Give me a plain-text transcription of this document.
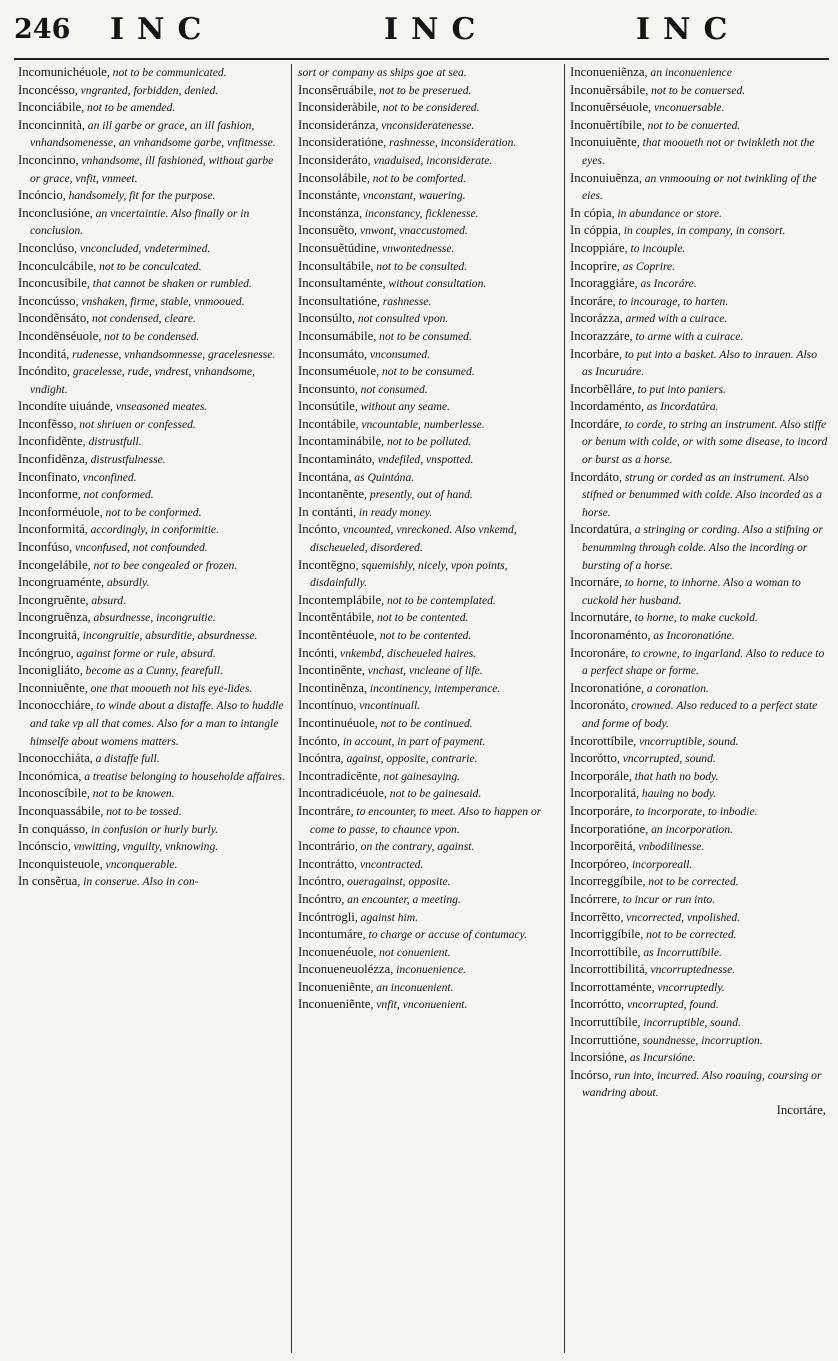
246 INC	INC	INC

Incomunichéuole, not to be communicated.

Inconcésso, vngranted, forbidden, denied.

Inconciábile, not to be amended.

Inconcinnità, an ill garbe or grace, an ill fashion, vnhandsomenesse, an vnhandsome garbe, vnfitnesse.

Inconcinno, vnhandsome, ill fashioned, without garbe or grace, vnfit, vnmeet.

Incóncio, handsomely, fit for the purpose.

Inconclusióne, an vncertaintie. Also finally or in conclusion.

Inconclúso, vnconcluded, vndetermined.

Inconculcábile, not to be conculcated.

Inconcusíbile, that cannot be shaken or rumbled.

Inconcússo, vnshaken, firme, stable, vnmooued.

Incondẽnsáto, not condensed, cleare.

Incondẽnséuole, not to be condensed.

Inconditá, rudenesse, vnhandsomnesse, gracelesnesse.

Incóndito, gracelesse, rude, vndrest, vnhandsome, vndight.

Incondíte uiuánde, vnseasoned meates.

Inconfẽsso, not shriuen or confessed.

Inconfidẽnte, distrustfull.

Inconfidẽnza, distrustfulnesse.

Inconfinato, vnconfined.

Inconforme, not conformed.

Inconforméuole, not to be conformed.

Inconformitá, accordingly, in conformitie.

Inconfúso, vnconfused, not confounded.

Incongelábile, not to bee congealed or frozen.

Incongruaménte, absurdly.

Incongruẽnte, absurd.

Incongruẽnza, absurdnesse, incongruitie.

Incongruitá, incongruitie, absurditie, absurdnesse.

Incóngruo, against forme or rule, absurd.

Inconigliáto, become as a Cunny, fearefull.

Inconniuẽnte, one that mooueth not his eye-lides.

Inconocchiáre, to winde about a distaffe. Also to huddle and take vp all that comes. Also for a man to intangle himselfe about womens matters.

Inconocchiáta, a distaffe full.

Inconómica, a treatise belonging to householde affaires.

Inconoscíbile, not to be knowen.

Inconquassábile, not to be tossed.

In conquásso, in confusion or hurly burly.

Incónscio, vnwitting, vnguilty, vnknowing.

Inconquisteuole, vnconquerable.

In consẽrua, in conserue. Also in con-

sort or company as ships goe at sea.

Inconsẽruábile, not to be preserued.

Inconsideràbile, not to be considered.

Inconsideránza, vnconsideratenesse.

Inconsideratióne, rashnesse, inconsideration.

Inconsideráto, vnaduised, inconsiderate.

Inconsolábile, not to be comforted.

Inconstánte, vnconstant, wauering.

Inconstánza, inconstancy, ficklenesse.

Inconsuẽto, vnwont, vnaccustomed.

Inconsuẽtúdine, vnwontednesse.

Inconsultábile, not to be consulted.

Inconsultaménte, without consultation.

Inconsultatióne, rashnesse.

Inconsúlto, not consulted vpon.

Inconsumábile, not to be consumed.

Inconsumáto, vnconsumed.

Inconsuméuole, not to be consumed.

Inconsunto, not consumed.

Inconsútile, without any seame.

Incontábile, vncountable, numberlesse.

Incontaminábile, not to be polluted.

Incontamináto, vndefiled, vnspotted.

Incontána, as Quintána.

Incontanẽnte, presently, out of hand.

In contánti, in ready money.

Incónto, vncounted, vnreckoned. Also vnkemd, discheueled, disordered.

Incontẽgno, squemishly, nicely, vpon points, disdainfully.

Incontemplábile, not to be contemplated.

Incontẽntábile, not to be contented.

Incontẽntéuole, not to be contented.

Incónti, vnkembd, discheueled haires.

Incontinẽnte, vnchast, vncleane of life.

Incontinẽnza, incontinency, intemperance.

Incontínuo, vncontinuall.

Incontinuéuole, not to be continued.

Incónto, in account, in part of payment.

Incóntra, against, opposite, contrarie.

Incontradicẽnte, not gainesaying.

Incontradicéuole, not to be gainesaid.

Incontráre, to encounter, to meet. Also to happen or come to passe, to chaunce vpon.

Incontrário, on the contrary, against.

Incontrátto, vncontracted.

Incóntro, oueragainst, opposite.

Incóntro, an encounter, a meeting.

Incóntrogli, against him.

Incontumáre, to charge or accuse of contumacy.

Inconuenéuole, not conuenient.

Inconueneuolézza, inconuenience.

Inconueniẽnte, an inconuenient.

Inconueniẽnte, vnfit, vnconuenient.

Inconueniẽnza, an inconuenience

Inconuẽrsábile, not to be conuersed.

Inconuẽrséuole, vnconuersable.

Inconuẽrtíbile, not to be conuerted.

Inconuiuẽnte, that mooueth not or twinkleth not the eyes.

Inconuiuẽnza, an vnmoouing or not twinkling of the eies.

In cópia, in abundance or store.

In cóppia, in couples, in company, in consort.

Incoppiáre, to incouple.

Incoprire, as Coprire.

Incoraggiáre, as Incoráre.

Incoráre, to incourage, to harten.

Incorázza, armed with a cuirace.

Incorazzáre, to arme with a cuirace.

Incorbáre, to put into a basket. Also to inrauen. Also as Incuruáre.

Incorbẽlláre, to put into paniers.

Incordaménto, as Incordatúra.

Incordáre, to corde, to string an instrument. Also stiffe or benum with colde, or with some disease, to incord or burst as a horse.

Incordáto, strung or corded as an instrument. Also stifned or benummed with colde. Also incorded as a horse.

Incordatúra, a stringing or cording. Also a stifning or benumming through colde. Also the incording or bursting of a horse.

Incornáre, to horne, to inhorne. Also a woman to cuckold her husband.

Incornutáre, to horne, to make cuckold.

Incoronaménto, as Incoronatióne.

Incoronáre, to crowne, to ingarland. Also to reduce to a perfect shape or forme.

Incoronatióne, a coronation.

Incoronáto, crowned. Also reduced to a perfect state and forme of body.

Incorottíbile, vncorruptible, sound.

Incorótto, vncorrupted, sound.

Incorporále, that hath no body.

Incorporalitá, hauing no body.

Incorporáre, to incorporate, to inbodie.

Incorporatióne, an incorporation.

Incorporẽitá, vnbodilinesse.

Incorpóreo, incorporeall.

Incorreggíbile, not to be corrected.

Incórrere, to incur or run into.

Incorrẽtto, vncorrected, vnpolished.

Incorriggíbile, not to be corrected.

Incorrottíbile, as Incorruttíbile.

Incorrottibilitá, vncorruptednesse.

Incorrottaménte, vncorruptedly.

Incorrótto, vncorrupted, found.

Incorruttíbile, incorruptible, sound.

Incorruttióne, soundnesse, incorruption.

Incorsióne, as Incursióne.

Incórso, run into, incurred. Also roauing, coursing or wandring about.

Incortáre,
